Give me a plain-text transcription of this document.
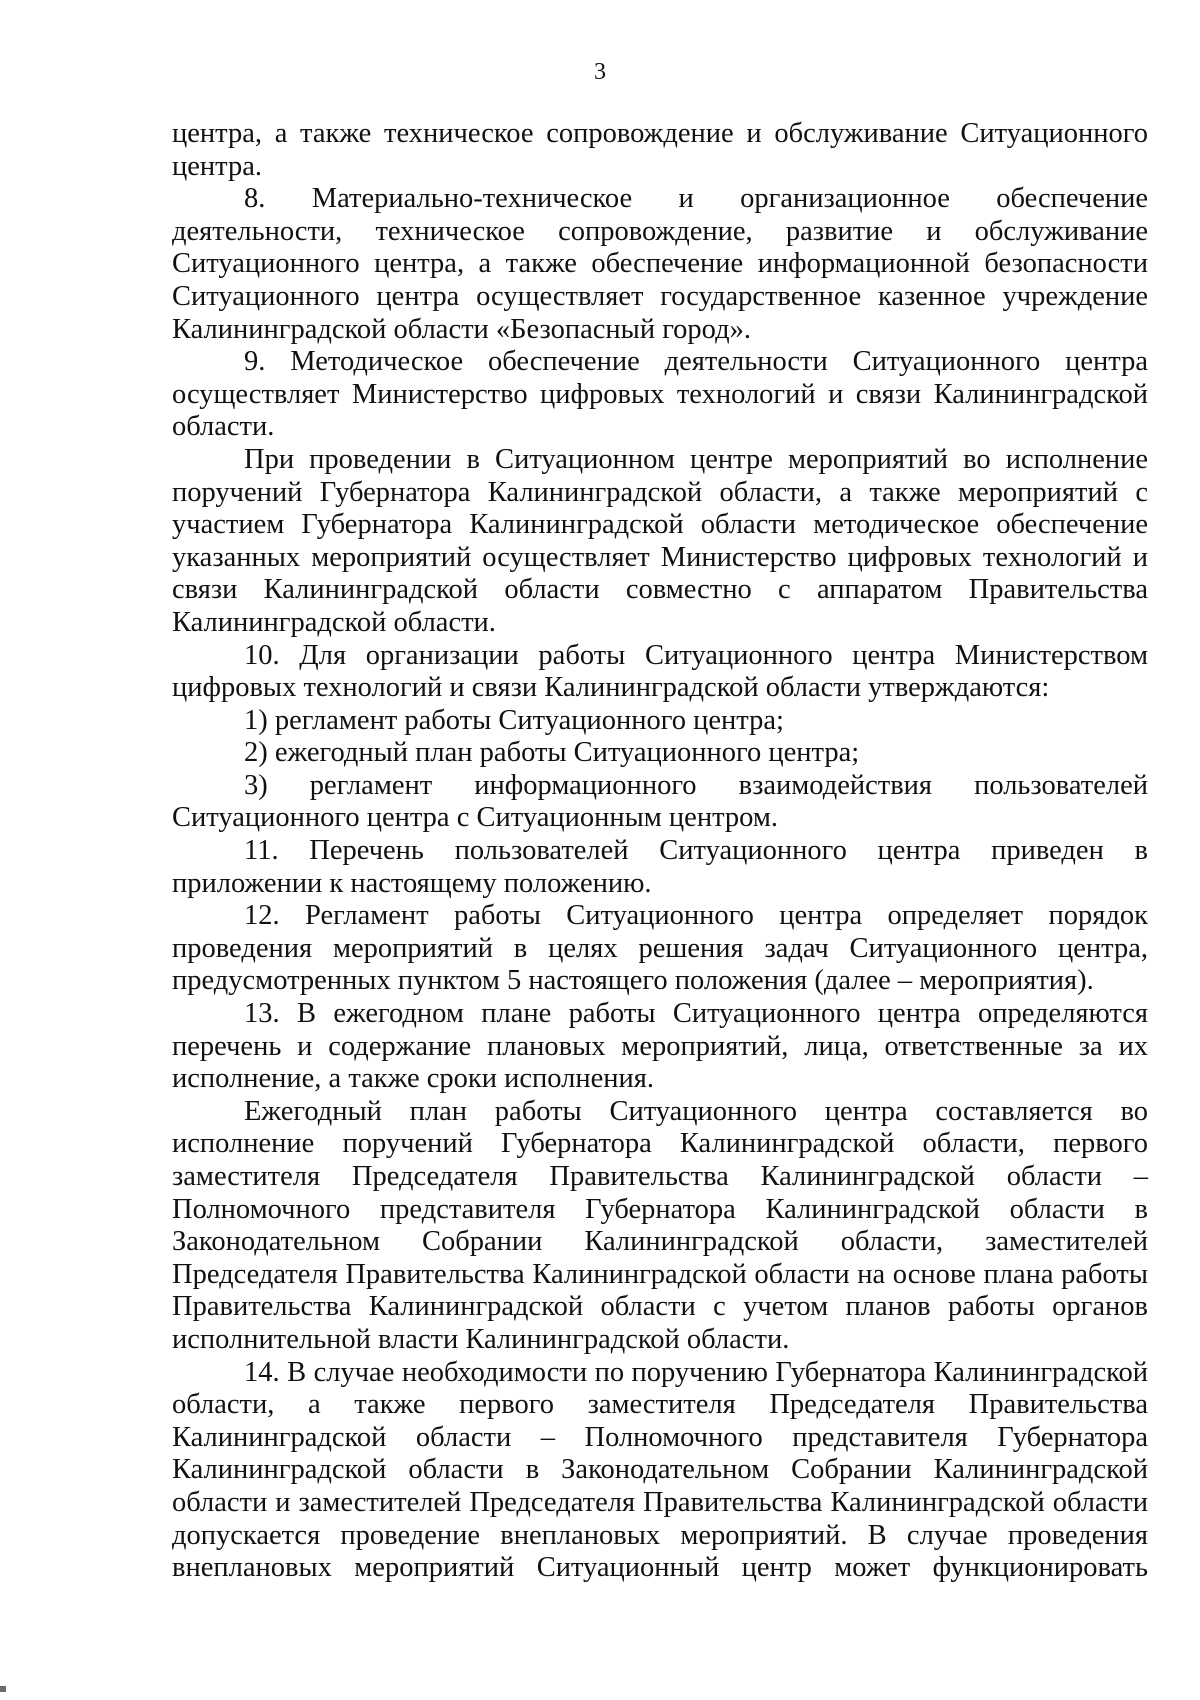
3

центра, а также техническое сопровождение и обслуживание Ситуационного центра.

8. Материально-техническое и организационное обеспечение деятельности, техническое сопровождение, развитие и обслуживание Ситуационного центра, а также обеспечение информационной безопасности Ситуационного центра осуществляет государственное казенное учреждение Калининградской области «Безопасный город».

9. Методическое обеспечение деятельности Ситуационного центра осуществляет Министерство цифровых технологий и связи Калининградской области.

При проведении в Ситуационном центре мероприятий во исполнение поручений Губернатора Калининградской области, а также мероприятий с участием Губернатора Калининградской области методическое обеспечение указанных мероприятий осуществляет Министерство цифровых технологий и связи Калининградской области совместно с аппаратом Правительства Калининградской области.

10. Для организации работы Ситуационного центра Министерством цифровых технологий и связи Калининградской области утверждаются:

1) регламент работы Ситуационного центра;

2) ежегодный план работы Ситуационного центра;

3) регламент информационного взаимодействия пользователей Ситуационного центра с Ситуационным центром.

11. Перечень пользователей Ситуационного центра приведен в приложении к настоящему положению.

12. Регламент работы Ситуационного центра определяет порядок проведения мероприятий в целях решения задач Ситуационного центра, предусмотренных пунктом 5 настоящего положения (далее – мероприятия).

13. В ежегодном плане работы Ситуационного центра определяются перечень и содержание плановых мероприятий, лица, ответственные за их исполнение, а также сроки исполнения.

Ежегодный план работы Ситуационного центра составляется во исполнение поручений Губернатора Калининградской области, первого заместителя Председателя Правительства Калининградской области – Полномочного представителя Губернатора Калининградской области в Законодательном Собрании Калининградской области, заместителей Председателя Правительства Калининградской области на основе плана работы Правительства Калининградской области с учетом планов работы органов исполнительной власти Калининградской области.

14. В случае необходимости по поручению Губернатора Калининградской области, а также первого заместителя Председателя Правительства Калининградской области – Полномочного представителя Губернатора Калининградской области в Законодательном Собрании Калининградской области и заместителей Председателя Правительства Калининградской области допускается проведение внеплановых мероприятий. В случае проведения внеплановых мероприятий Ситуационный центр может функционировать
